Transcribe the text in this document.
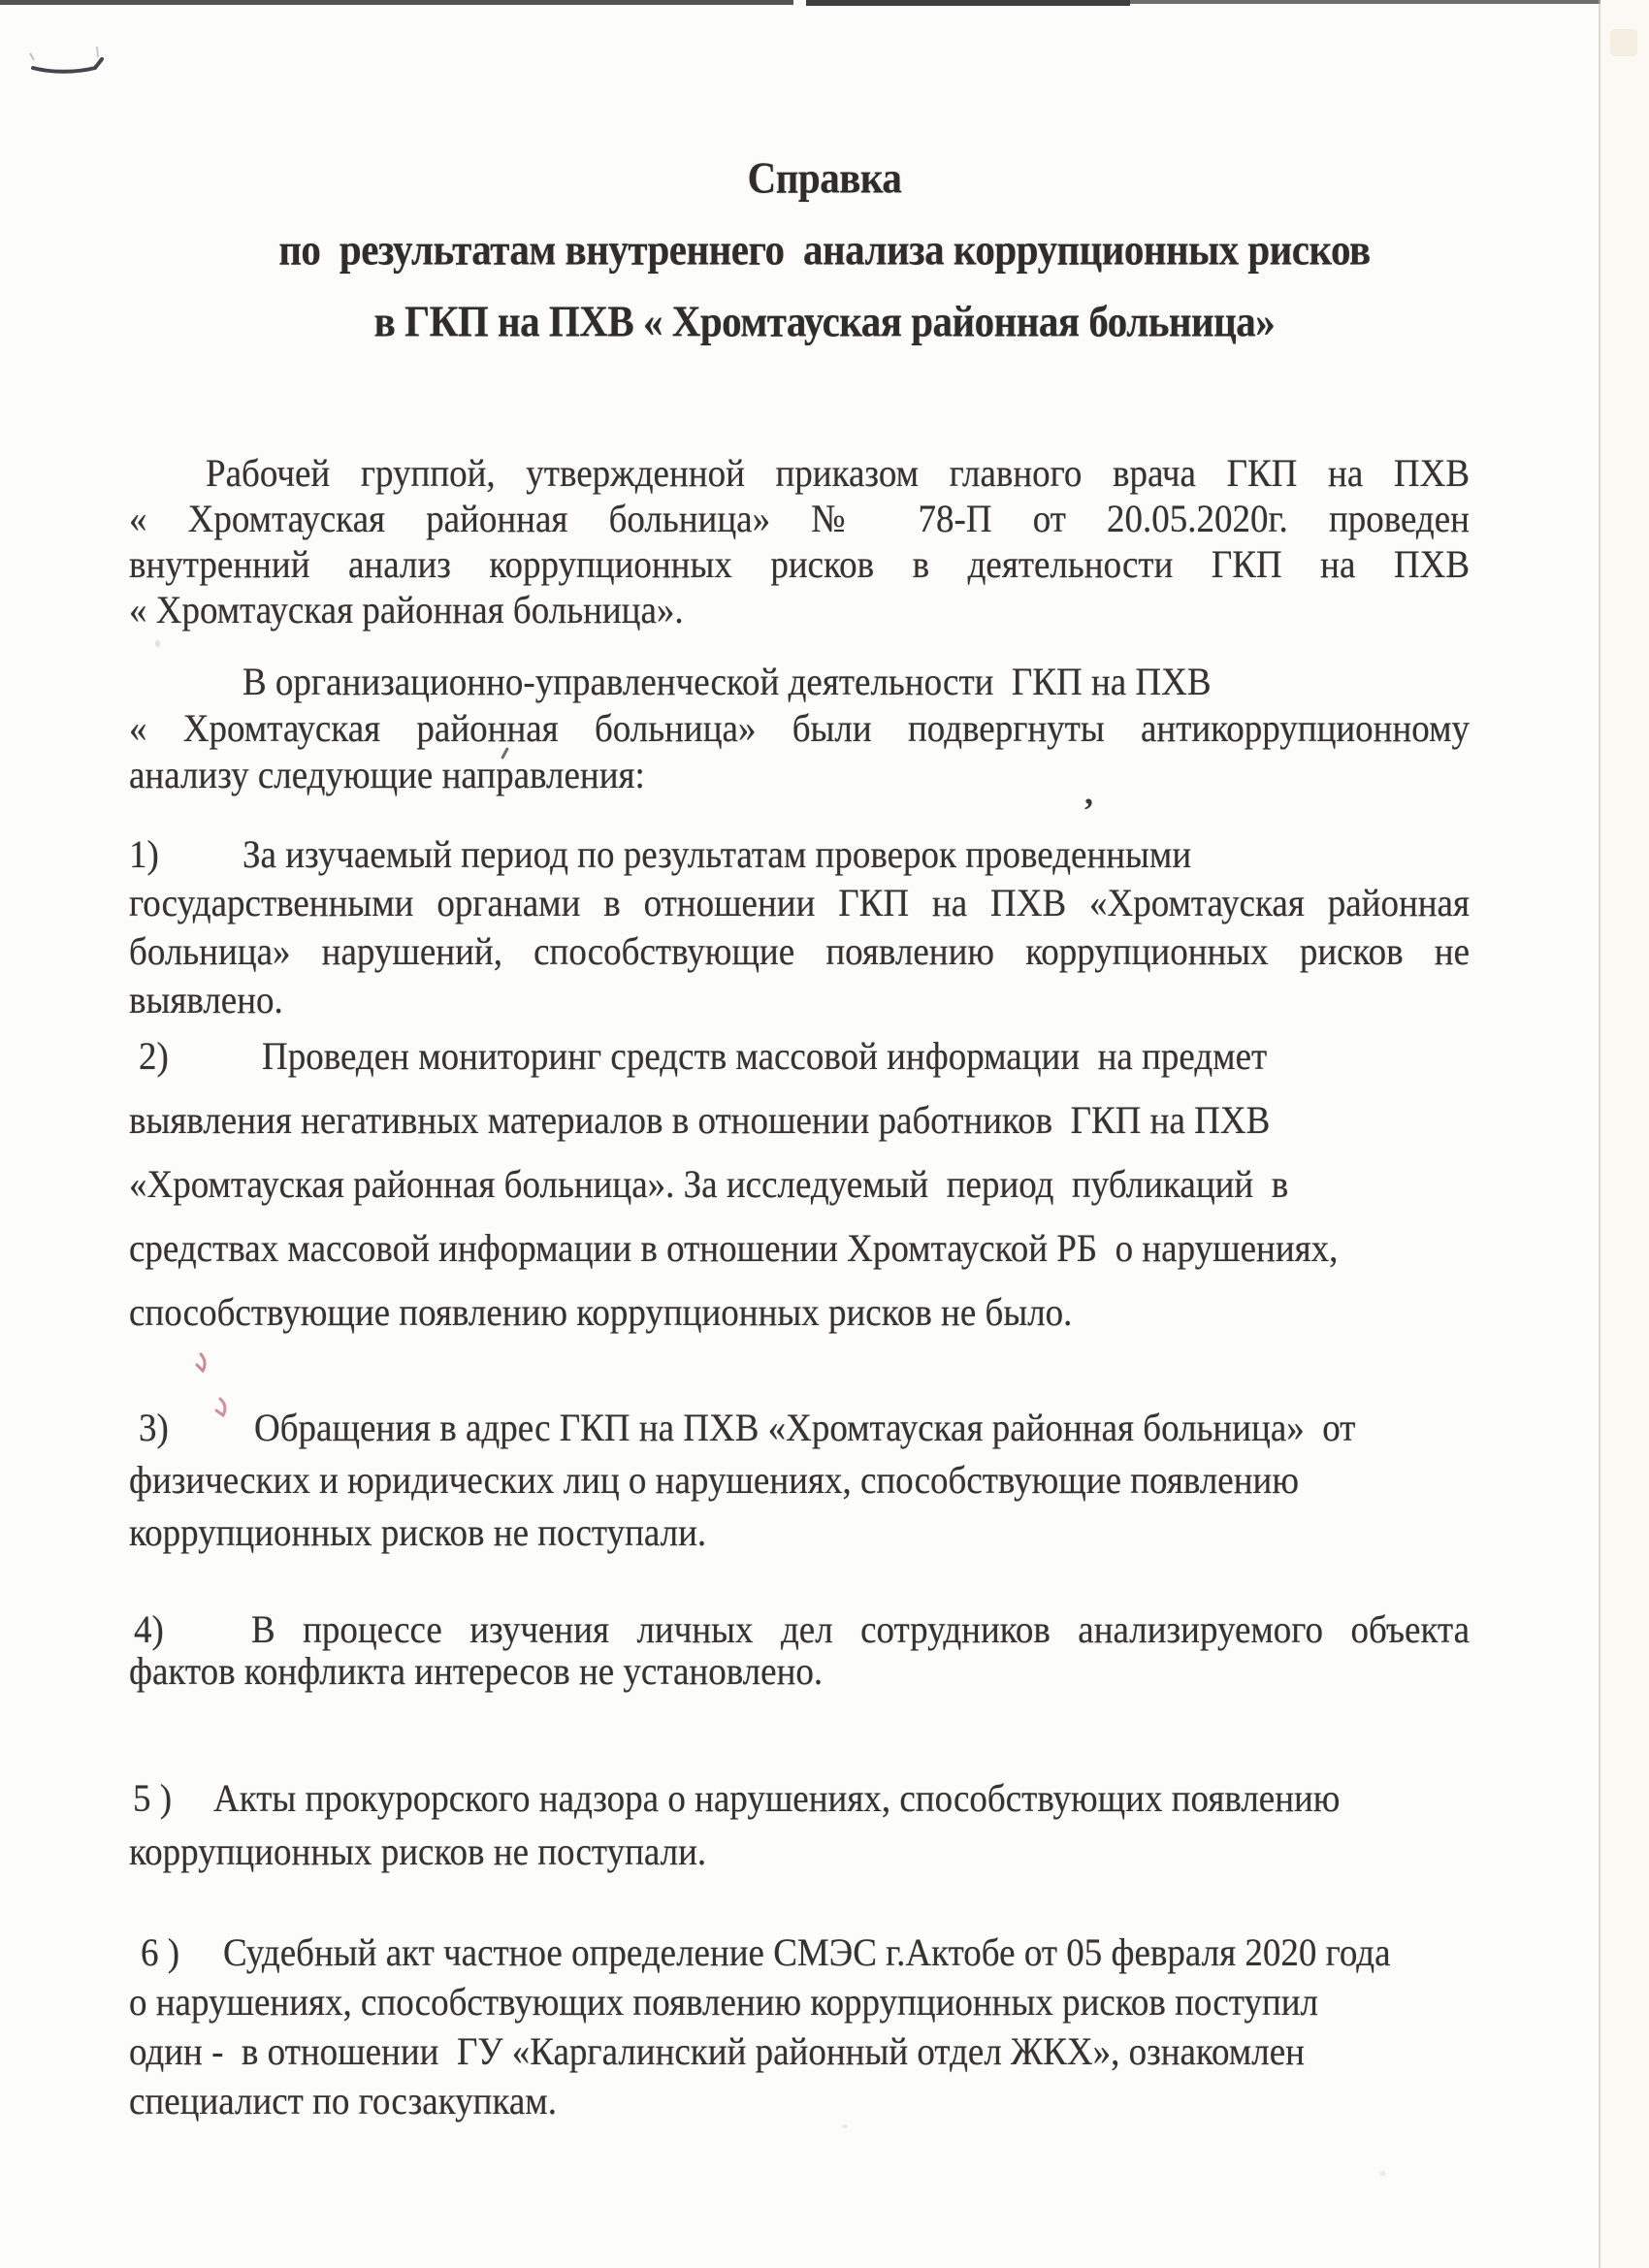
,
Справка
по  результатам внутреннего  анализа коррупционных рисков
в ГКП на ПХВ « Хромтауская районная больница»
Рабочей группой, утвержденной приказом главного врача ГКП на ПХВ
« Хромтауская районная больница» № 78-П от 20.05.2020г. проведен
внутренний анализ коррупционных рисков в деятельности ГКП на ПХВ
« Хромтауская районная больница».
В организационно-управленческой деятельности  ГКП на ПХВ
« Хромтауская районная больница» были подвергнуты антикоррупционному
анализу следующие направления:
1)	За изучаемый период по результатам проверок проведенными
государственными органами в отношении ГКП на ПХВ «Хромтауская районная
больница» нарушений, способствующие появлению коррупционных рисков не
выявлено.
2)	Проведен мониторинг средств массовой информации  на предмет
выявления негативных материалов в отношении работников  ГКП на ПХВ
«Хромтауская районная больница». За исследуемый  период  публикаций  в
средствах массовой информации в отношении Хромтауской РБ  о нарушениях,
способствующие появлению коррупционных рисков не было.
3)	Обращения в адрес ГКП на ПХВ «Хромтауская районная больница»  от
физических и юридических лиц о нарушениях, способствующие появлению
коррупционных рисков не поступали.
4)	В процессе изучения личных дел сотрудников анализируемого объекта
фактов конфликта интересов не установлено.
5 )	Акты прокурорского надзора о нарушениях, способствующих появлению
коррупционных рисков не поступали.
6 )	Судебный акт частное определение СМЭС г.Актобе от 05 февраля 2020 года
о нарушениях, способствующих появлению коррупционных рисков поступил
один -  в отношении  ГУ «Каргалинский районный отдел ЖКХ», ознакомлен
специалист по госзакупкам.
